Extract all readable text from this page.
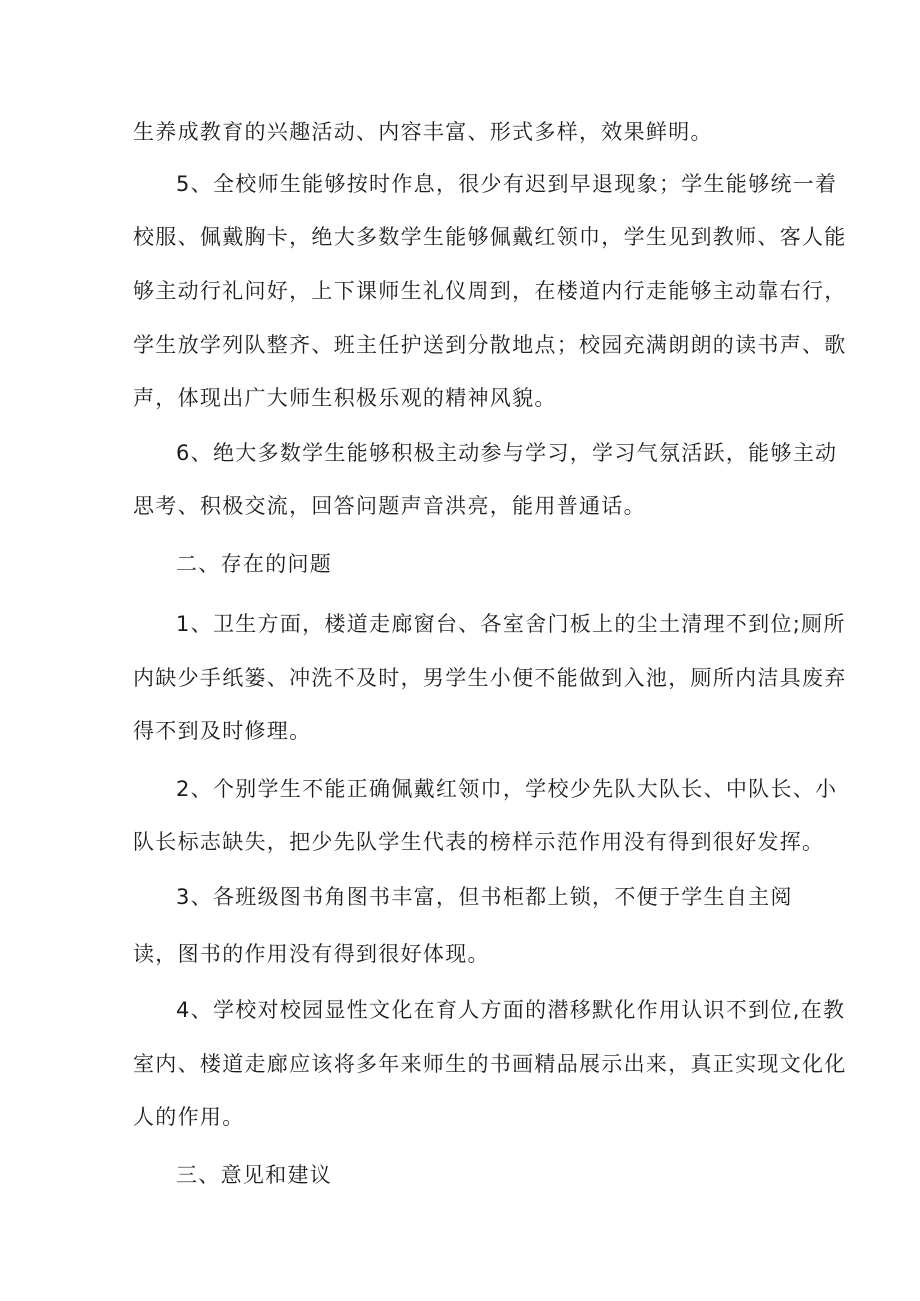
生养成教育的兴趣活动、内容丰富、形式多样，效果鲜明。
5、全校师生能够按时作息，很少有迟到早退现象；学生能够统一着
校服、佩戴胸卡，绝大多数学生能够佩戴红领巾，学生见到教师、客人能
够主动行礼问好，上下课师生礼仪周到，在楼道内行走能够主动靠右行，
学生放学列队整齐、班主任护送到分散地点；校园充满朗朗的读书声、歌
声，体现出广大师生积极乐观的精神风貌。
6、绝大多数学生能够积极主动参与学习，学习气氛活跃，能够主动
思考、积极交流，回答问题声音洪亮，能用普通话。
二、存在的问题
1、卫生方面，楼道走廊窗台、各室舍门板上的尘土清理不到位;厕所
内缺少手纸篓、冲洗不及时，男学生小便不能做到入池，厕所内洁具废弃
得不到及时修理。
2、个别学生不能正确佩戴红领巾，学校少先队大队长、中队长、小
队长标志缺失，把少先队学生代表的榜样示范作用没有得到很好发挥。
3、各班级图书角图书丰富，但书柜都上锁，不便于学生自主阅
读，图书的作用没有得到很好体现。
4、学校对校园显性文化在育人方面的潜移默化作用认识不到位,在教
室内、楼道走廊应该将多年来师生的书画精品展示出来，真正实现文化化
人的作用。
三、意见和建议
